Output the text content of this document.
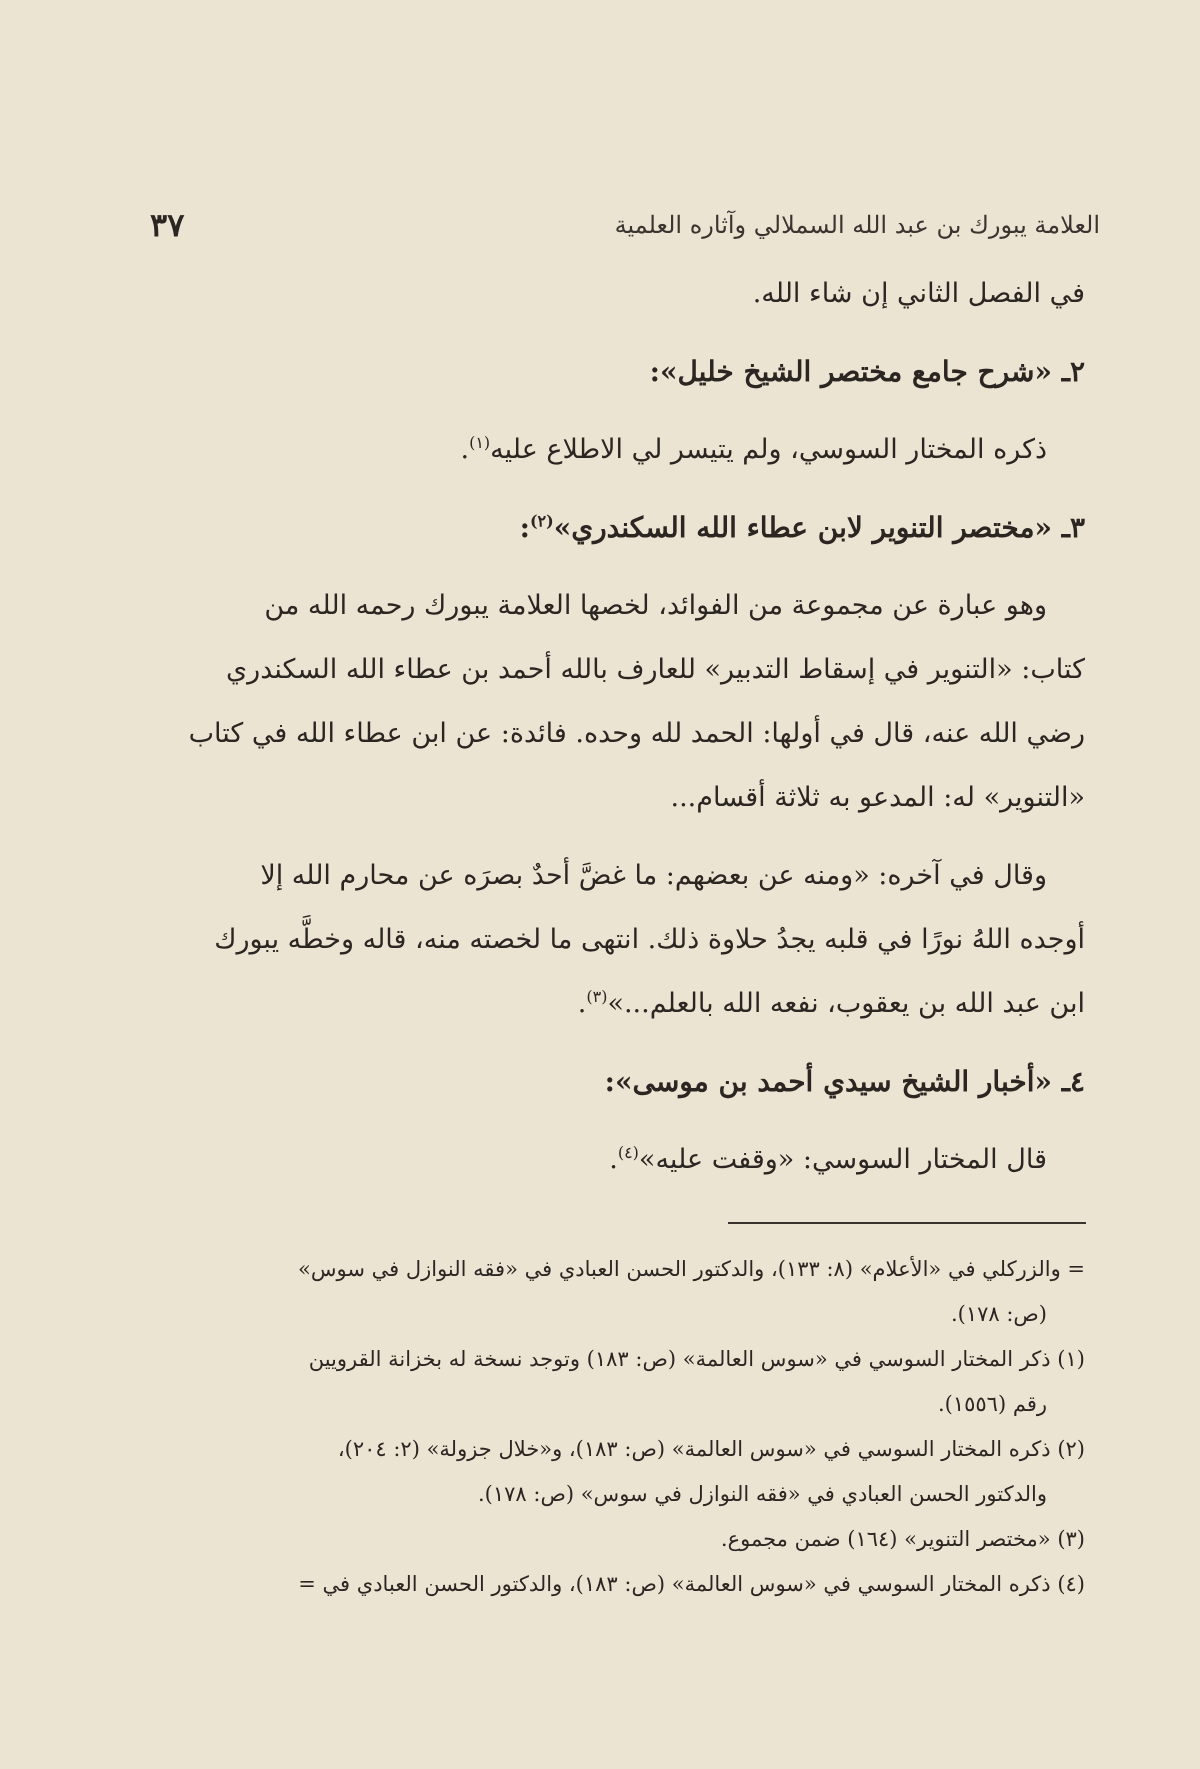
العلامة يبورك بن عبد الله السملالي وآثاره العلمية
٣٧

في الفصل الثاني إن شاء الله.

٢ـ «شرح جامع مختصر الشيخ خليل»:

ذكره المختار السوسي، ولم يتيسر لي الاطلاع عليه$^{(١)}$.

٣ـ «مختصر التنوير لابن عطاء الله السكندري»$^{(٢)}$:

وهو عبارة عن مجموعة من الفوائد، لخصها العلامة يبورك رحمه الله من

كتاب: «التنوير في إسقاط التدبير» للعارف بالله أحمد بن عطاء الله السكندري

رضي الله عنه، قال في أولها: الحمد لله وحده. فائدة: عن ابن عطاء الله في كتاب

«التنوير» له: المدعو به ثلاثة أقسام...

وقال في آخره: «ومنه عن بعضهم: ما غضَّ أحدٌ بصرَه عن محارم الله إلا

أوجده اللهُ نورًا في قلبه يجدُ حلاوة ذلك. انتهى ما لخصته منه، قاله وخطَّه يبورك

ابن عبد الله بن يعقوب، نفعه الله بالعلم...»$^{(٣)}$.

٤ـ «أخبار الشيخ سيدي أحمد بن موسى»:

قال المختار السوسي: «وقفت عليه»$^{(٤)}$.

= والزركلي في «الأعلام» (٨: ١٣٣)، والدكتور الحسن العبادي في «فقه النوازل في سوس»

(ص: ١٧٨).

(١) ذكر المختار السوسي في «سوس العالمة» (ص: ١٨٣) وتوجد نسخة له بخزانة القرويين

رقم (١٥٥٦).

(٢) ذكره المختار السوسي في «سوس العالمة» (ص: ١٨٣)، و«خلال جزولة» (٢: ٢٠٤)،

والدكتور الحسن العبادي في «فقه النوازل في سوس» (ص: ١٧٨).

(٣) «مختصر التنوير» (١٦٤) ضمن مجموع.

(٤) ذكره المختار السوسي في «سوس العالمة» (ص: ١٨٣)، والدكتور الحسن العبادي في =
